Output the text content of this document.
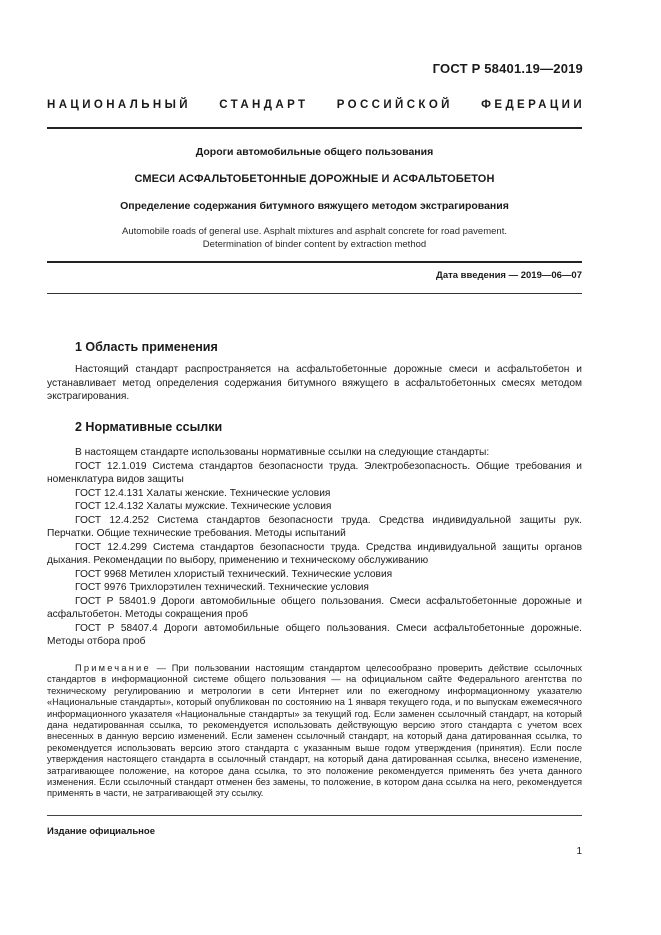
ГОСТ Р 58401.19—2019
НАЦИОНАЛЬНЫЙ СТАНДАРТ РОССИЙСКОЙ ФЕДЕРАЦИИ
Дороги автомобильные общего пользования
СМЕСИ АСФАЛЬТОБЕТОННЫЕ ДОРОЖНЫЕ И АСФАЛЬТОБЕТОН
Определение содержания битумного вяжущего методом экстрагирования
Automobile roads of general use. Asphalt mixtures and asphalt concrete for road pavement.
Determination of binder content by extraction method
Дата введения — 2019—06—07
1 Область применения

Настоящий стандарт распространяется на асфальтобетонные дорожные смеси и асфальтобетон и устанавливает метод определения содержания битумного вяжущего в асфальтобетонных смесях методом экстрагирования.

2 Нормативные ссылки

В настоящем стандарте использованы нормативные ссылки на следующие стандарты:

ГОСТ 12.1.019 Система стандартов безопасности труда. Электробезопасность. Общие требования и номенклатура видов защиты

ГОСТ 12.4.131 Халаты женские. Технические условия

ГОСТ 12.4.132 Халаты мужские. Технические условия

ГОСТ 12.4.252 Система стандартов безопасности труда. Средства индивидуальной защиты рук. Перчатки. Общие технические требования. Методы испытаний

ГОСТ 12.4.299 Система стандартов безопасности труда. Средства индивидуальной защиты органов дыхания. Рекомендации по выбору, применению и техническому обслуживанию

ГОСТ 9968 Метилен хлористый технический. Технические условия

ГОСТ 9976 Трихлорэтилен технический. Технические условия

ГОСТ Р 58401.9 Дороги автомобильные общего пользования. Смеси асфальтобетонные дорожные и асфальтобетон. Методы сокращения проб

ГОСТ Р 58407.4 Дороги автомобильные общего пользования. Смеси асфальтобетонные дорожные. Методы отбора проб

Примечание — При пользовании настоящим стандартом целесообразно проверить действие ссылочных стандартов в информационной системе общего пользования — на официальном сайте Федерального агентства по техническому регулированию и метрологии в сети Интернет или по ежегодному информационному указателю «Национальные стандарты», который опубликован по состоянию на 1 января текущего года, и по выпускам ежемесячного информационного указателя «Национальные стандарты» за текущий год. Если заменен ссылочный стандарт, на который дана недатированная ссылка, то рекомендуется использовать действующую версию этого стандарта с учетом всех внесенных в данную версию изменений. Если заменен ссылочный стандарт, на который дана датированная ссылка, то рекомендуется использовать версию этого стандарта с указанным выше годом утверждения (принятия). Если после утверждения настоящего стандарта в ссылочный стандарт, на который дана датированная ссылка, внесено изменение, затрагивающее положение, на которое дана ссылка, то это положение рекомендуется применять без учета данного изменения. Если ссылочный стандарт отменен без замены, то положение, в котором дана ссылка на него, рекомендуется применять в части, не затрагивающей эту ссылку.

Издание официальное
1
